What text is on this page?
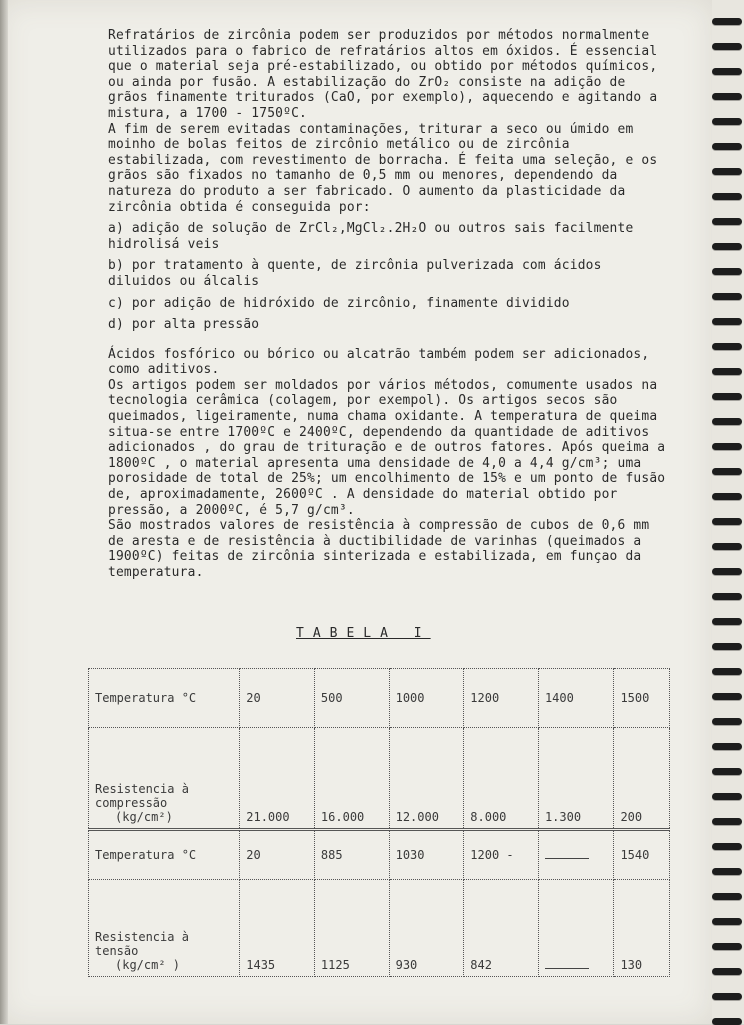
Refratários de zircônia podem ser produzidos por métodos normalmente utilizados para o fabrico de refratários altos em óxidos. É essencial que o material seja pré-estabilizado, ou obtido por métodos químicos, ou ainda por fusão. A estabilização do ZrO₂ consiste na adição de grãos finamente triturados (CaO, por exemplo), aquecendo e agitando a mistura, a 1700 - 1750ºC.

A fim de serem evitadas contaminações, triturar a seco ou úmido em moinho de bolas feitos de zircônio metálico ou de zircônia estabilizada, com revestimento de borracha. É feita uma seleção, e os grãos são fixados no tamanho de 0,5 mm ou menores, dependendo da natureza do produto a ser fabricado. O aumento da plasticidade da zircônia obtida é conseguida por:

a) adição de solução de ZrCl₂,MgCl₂.2H₂O ou outros sais facilmente hidrolisá veis

b) por tratamento à quente, de zircônia pulverizada com ácidos diluidos ou álcalis

c) por adição de hidróxido de zircônio, finamente dividido

d) por alta pressão

Ácidos fosfórico ou bórico ou alcatrão também podem ser adicionados, como aditivos.

Os artigos podem ser moldados por vários métodos, comumente usados na tecnologia cerâmica (colagem, por exempol). Os artigos secos são queimados, ligeiramente, numa chama oxidante. A temperatura de queima situa-se entre 1700ºC e 2400ºC, dependendo da quantidade de aditivos adicionados , do grau de trituração e de outros fatores. Após queima a 1800ºC , o material apresenta uma densidade de 4,0 a 4,4 g/cm³; uma porosidade de total de 25%; um encolhimento de 15% e um ponto de fusão de, aproximadamente, 2600ºC . A densidade do material obtido por pressão, a 2000ºC, é 5,7 g/cm³.

São mostrados valores de resistência à compressão de cubos de 0,6 mm de aresta e de resistência à ductibilidade de varinhas (queimados a 1900ºC) feitas de zircônia sinterizada e estabilizada, em funçao da temperatura.

TABELA I
Temperatura °C	20	500	1000	1200	1400	1500

Resistencia à
compressão
(kg/cm²)	21.000	16.000	12.000	8.000	1.300	200
Temperatura °C	20	885	1030	1200 -		1540

Resistencia à
tensão
(kg/cm² )	1435	1125	930	842		130
